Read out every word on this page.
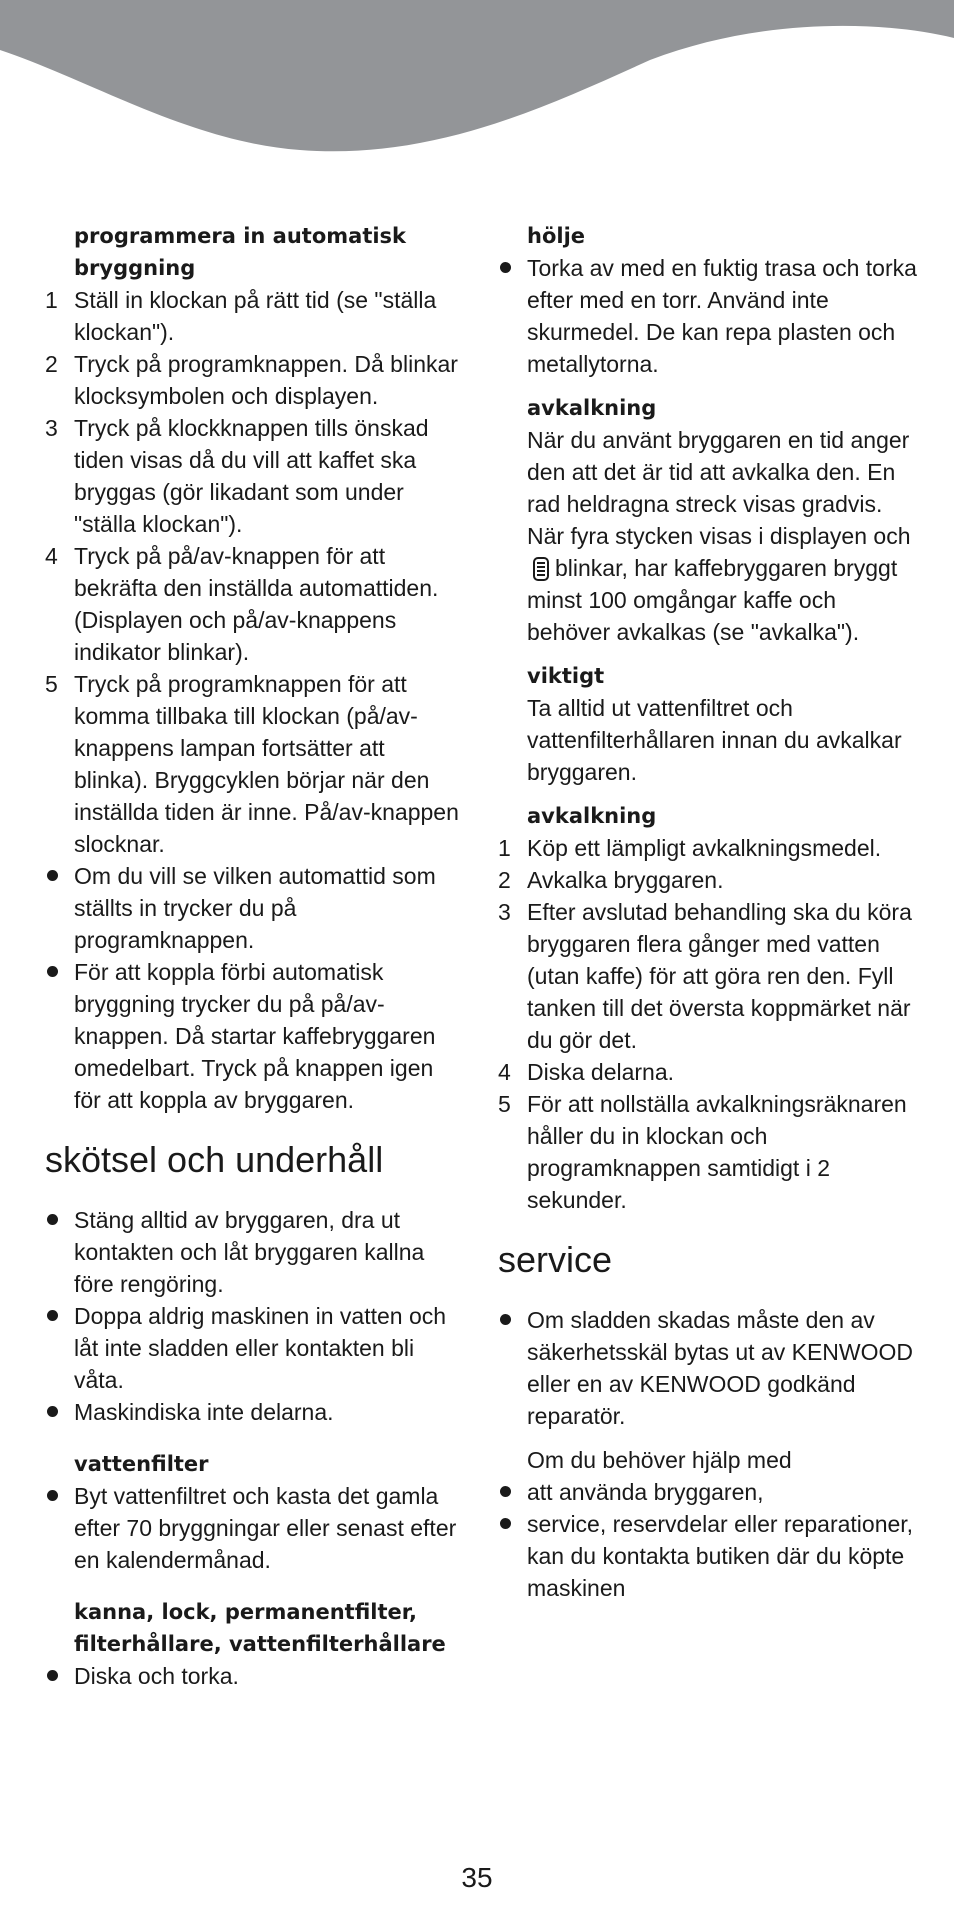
programmera in automatisk bryggning
1 Ställ in klockan på rätt tid (se "ställa klockan").
2 Tryck på programknappen. Då blinkar klocksymbolen och displayen.
3 Tryck på klockknappen tills önskad tiden visas då du vill att kaffet ska bryggas (gör likadant som under "ställa klockan").
4 Tryck på på/av-knappen för att bekräfta den inställda automattiden. (Displayen och på/av-knappens indikator blinkar).
5 Tryck på programknappen för att komma tillbaka till klockan (på/av-knappens lampan fortsätter att blinka). Bryggcyklen börjar när den inställda tiden är inne. På/av-knappen slocknar.
Om du vill se vilken automattid som ställts in trycker du på programknappen.
För att koppla förbi automatisk bryggning trycker du på på/av-knappen. Då startar kaffebryggaren omedelbart. Tryck på knappen igen för att koppla av bryggaren.
skötsel och underhåll
Stäng alltid av bryggaren, dra ut kontakten och låt bryggaren kallna före rengöring.
Doppa aldrig maskinen in vatten och låt inte sladden eller kontakten bli våta.
Maskindiska inte delarna.
vattenfilter
Byt vattenfiltret och kasta det gamla efter 70 bryggningar eller senast efter en kalendermånad.
kanna, lock, permanentfilter, filterhållare, vattenfilterhållare
Diska och torka.
hölje
Torka av med en fuktig trasa och torka efter med en torr. Använd inte skurmedel. De kan repa plasten och metallytorna.
avkalkning
När du använt bryggaren en tid anger den att det är tid att avkalka den. En rad heldragna streck visas gradvis. När fyra stycken visas i displayen och
blinkar, har kaffebryggaren bryggt minst 100 omgångar kaffe och behöver avkalkas (se "avkalka").
viktigt
Ta alltid ut vattenfiltret och vattenfilterhållaren innan du avkalkar bryggaren.
avkalkning
1 Köp ett lämpligt avkalkningsmedel.
2 Avkalka bryggaren.
3 Efter avslutad behandling ska du köra bryggaren flera gånger med vatten (utan kaffe) för att göra ren den. Fyll tanken till det översta koppmärket när du gör det.
4 Diska delarna.
5 För att nollställa avkalkningsräknaren håller du in klockan och programknappen samtidigt i 2 sekunder.
service
Om sladden skadas måste den av säkerhetsskäl bytas ut av KENWOOD eller en av KENWOOD godkänd reparatör.
Om du behöver hjälp med
att använda bryggaren,
service, reservdelar eller reparationer, kan du kontakta butiken där du köpte maskinen
35
